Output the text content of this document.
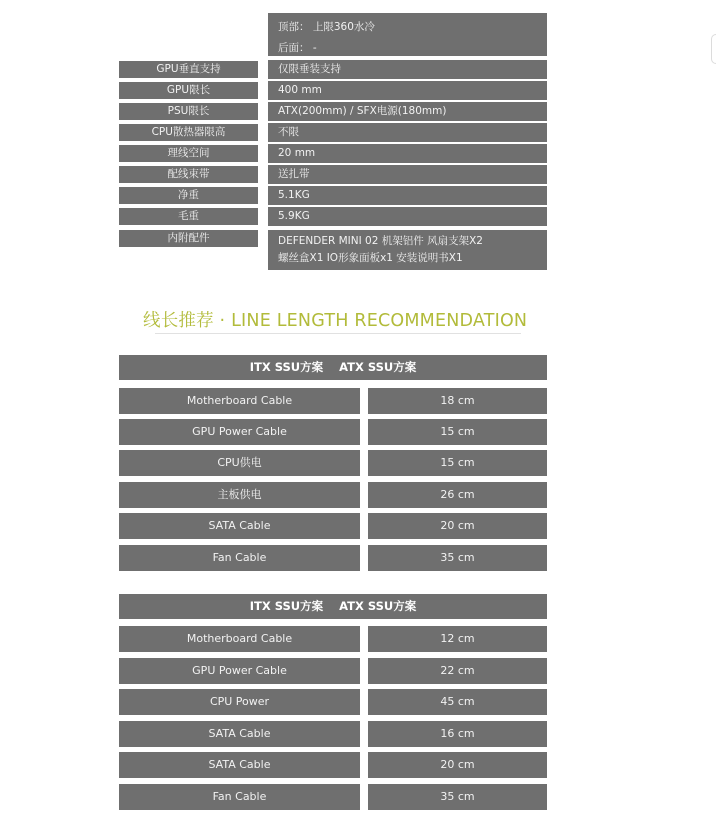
顶部： 上限360水冷
后面： -
GPU垂直支持	仅限垂装支持
GPU限长	400 mm
PSU限长	ATX(200mm) / SFX电源(180mm)
CPU散热器限高	不限
理线空间	20 mm
配线束带	送扎带
净重	5.1KG
毛重	5.9KG
内附配件	DEFENDER MINI 02 机架铝件 风扇支架X2
螺丝盒X1 IO形象面板x1 安装说明书X1
线长推荐 · LINE LENGTH RECOMMENDATION
ITX SSU方案    ATX SSU方案
Motherboard Cable	18 cm
GPU Power Cable	15 cm
CPU供电	15 cm
主板供电	26 cm
SATA Cable	20 cm
Fan Cable	35 cm
ITX SSU方案    ATX SSU方案
Motherboard Cable	12 cm
GPU Power Cable	22 cm
CPU Power	45 cm
SATA Cable	16 cm
SATA Cable	20 cm
Fan Cable	35 cm
